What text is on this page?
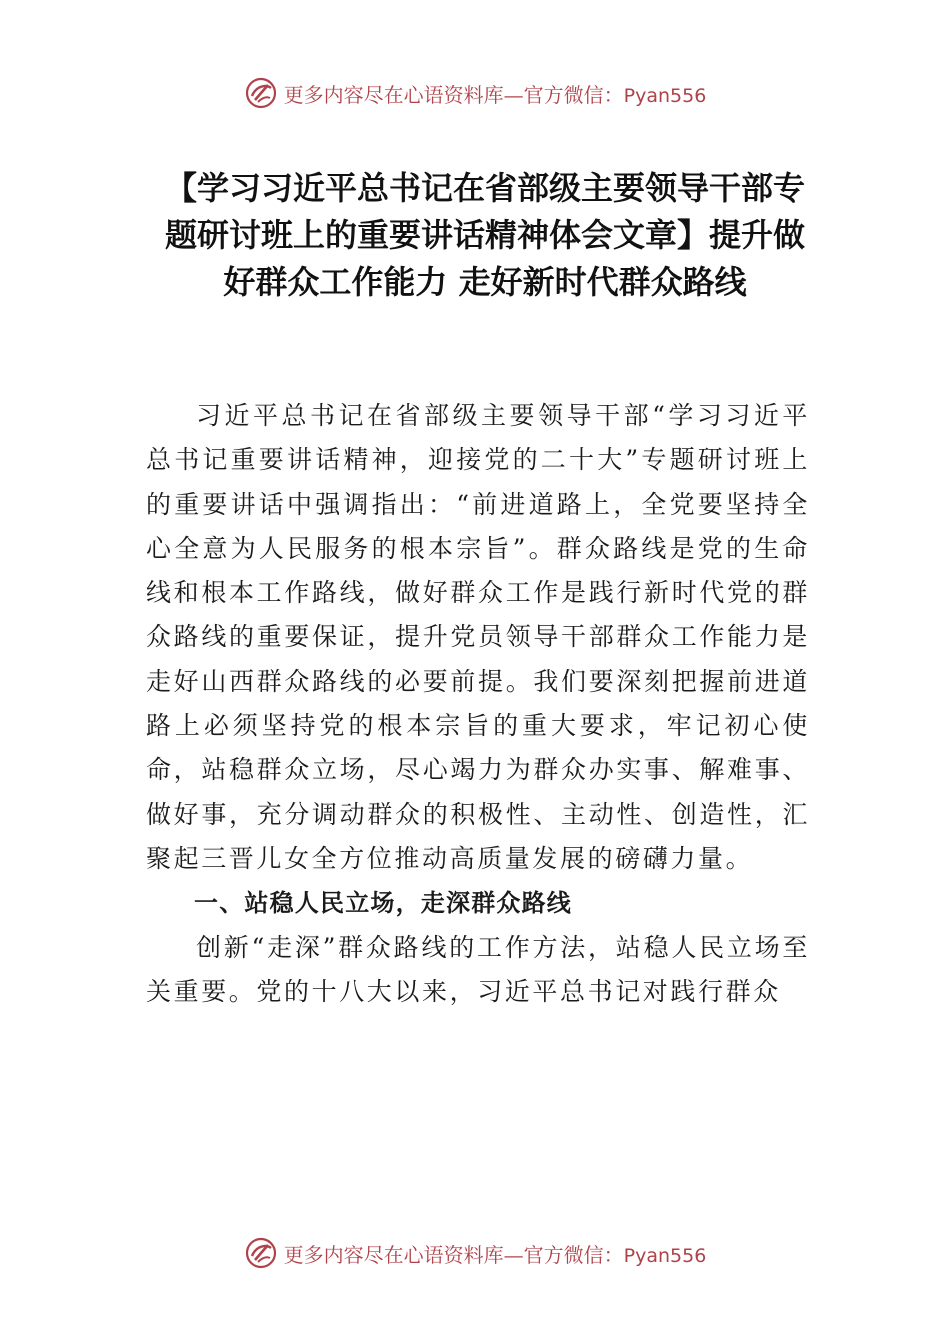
更多内容尽在心语资料库—官方微信：Pyan556
【学习习近平总书记在省部级主要领导干部专题研讨班上的重要讲话精神体会文章】提升做好群众工作能力 走好新时代群众路线

习近平总书记在省部级主要领导干部“学习习近平总书记重要讲话精神，迎接党的二十大”专题研讨班上的重要讲话中强调指出：“前进道路上，全党要坚持全心全意为人民服务的根本宗旨”。群众路线是党的生命线和根本工作路线，做好群众工作是践行新时代党的群众路线的重要保证，提升党员领导干部群众工作能力是走好山西群众路线的必要前提。我们要深刻把握前进道路上必须坚持党的根本宗旨的重大要求，牢记初心使命，站稳群众立场，尽心竭力为群众办实事、解难事、做好事，充分调动群众的积极性、主动性、创造性，汇聚起三晋儿女全方位推动高质量发展的磅礴力量。

一、站稳人民立场，走深群众路线

创新“走深”群众路线的工作方法，站稳人民立场至关重要。党的十八大以来，习近平总书记对践行群众

更多内容尽在心语资料库—官方微信：Pyan556
